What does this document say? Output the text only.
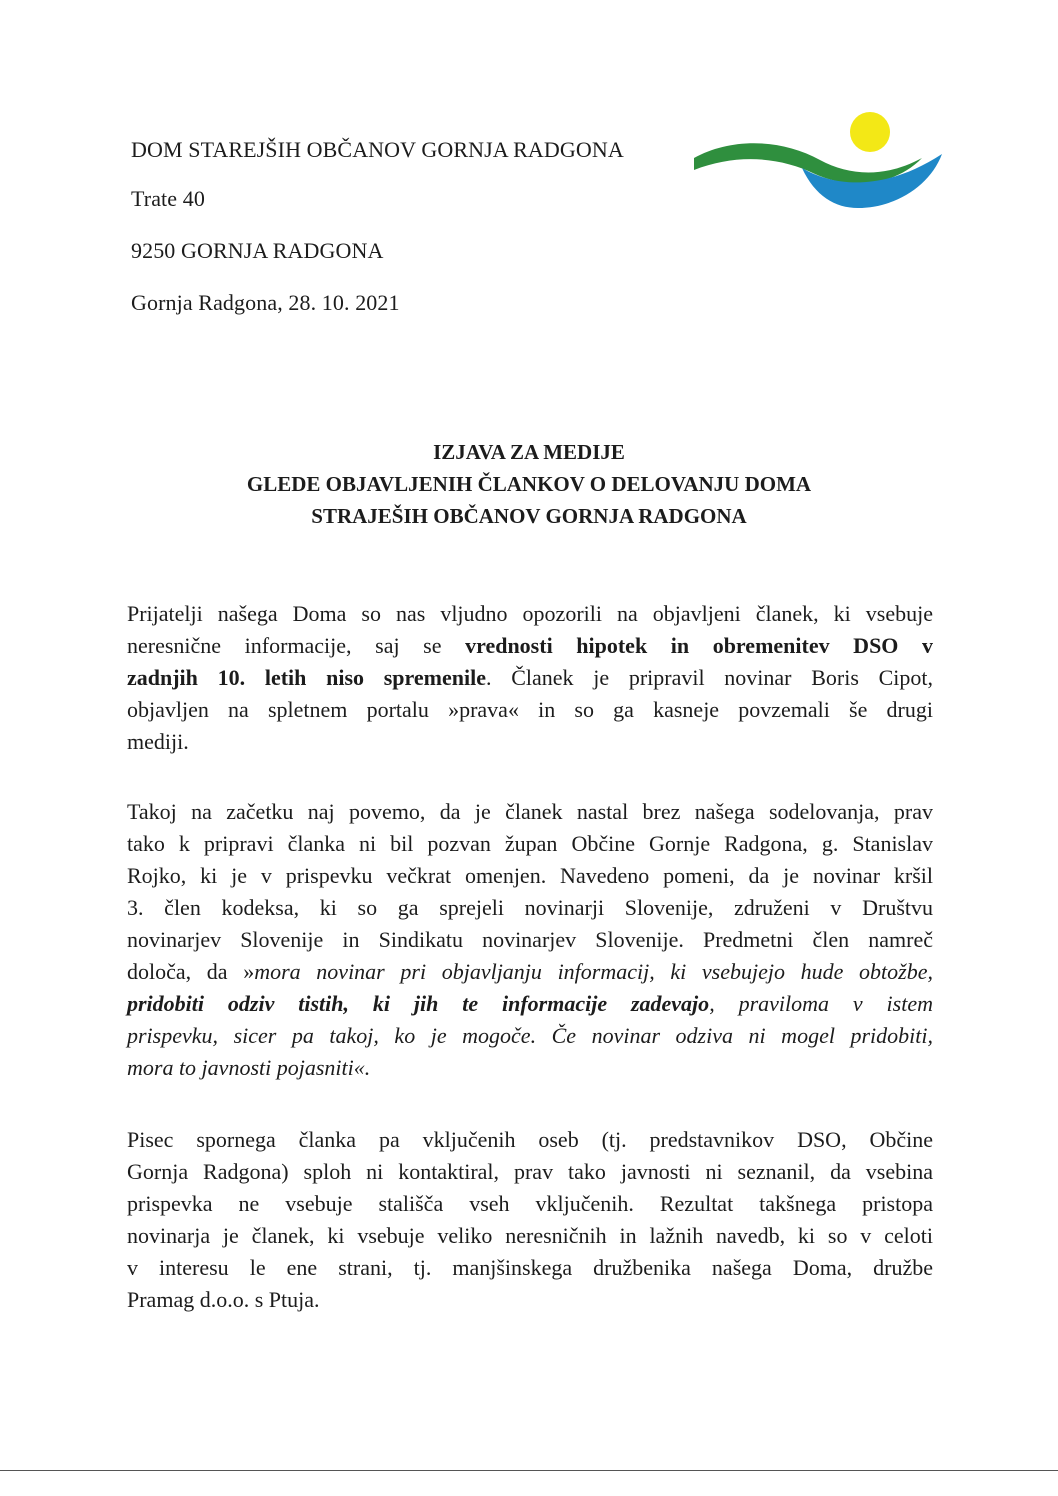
DOM STAREJŠIH OBČANOV GORNJA RADGONA
Trate 40
9250 GORNJA RADGONA
Gornja Radgona, 28. 10. 2021
IZJAVA ZA MEDIJE
GLEDE OBJAVLJENIH ČLANKOV O DELOVANJU DOMA
STRAJEŠIH OBČANOV GORNJA RADGONA
Prijatelji našega Doma so nas vljudno opozorili na objavljeni članek, ki vsebuje
neresnične informacije, saj se vrednosti hipotek in obremenitev DSO v
zadnjih 10. letih niso spremenile. Članek je pripravil novinar Boris Cipot,
objavljen na spletnem portalu »prava« in so ga kasneje povzemali še drugi
mediji.
Takoj na začetku naj povemo, da je članek nastal brez našega sodelovanja, prav
tako k pripravi članka ni bil pozvan župan Občine Gornje Radgona, g. Stanislav
Rojko, ki je v prispevku večkrat omenjen. Navedeno pomeni, da je novinar kršil
3. člen kodeksa, ki so ga sprejeli novinarji Slovenije, združeni v Društvu
novinarjev Slovenije in Sindikatu novinarjev Slovenije. Predmetni člen namreč
določa, da »mora novinar pri objavljanju informacij, ki vsebujejo hude obtožbe,
pridobiti odziv tistih, ki jih te informacije zadevajo, praviloma v istem
prispevku, sicer pa takoj, ko je mogoče. Če novinar odziva ni mogel pridobiti,
mora to javnosti pojasniti«.
Pisec spornega članka pa vključenih oseb (tj. predstavnikov DSO, Občine
Gornja Radgona) sploh ni kontaktiral, prav tako javnosti ni seznanil, da vsebina
prispevka ne vsebuje stališča vseh vključenih. Rezultat takšnega pristopa
novinarja je članek, ki vsebuje veliko neresničnih in lažnih navedb, ki so v celoti
v interesu le ene strani, tj. manjšinskega družbenika našega Doma, družbe
Pramag d.o.o. s Ptuja.
